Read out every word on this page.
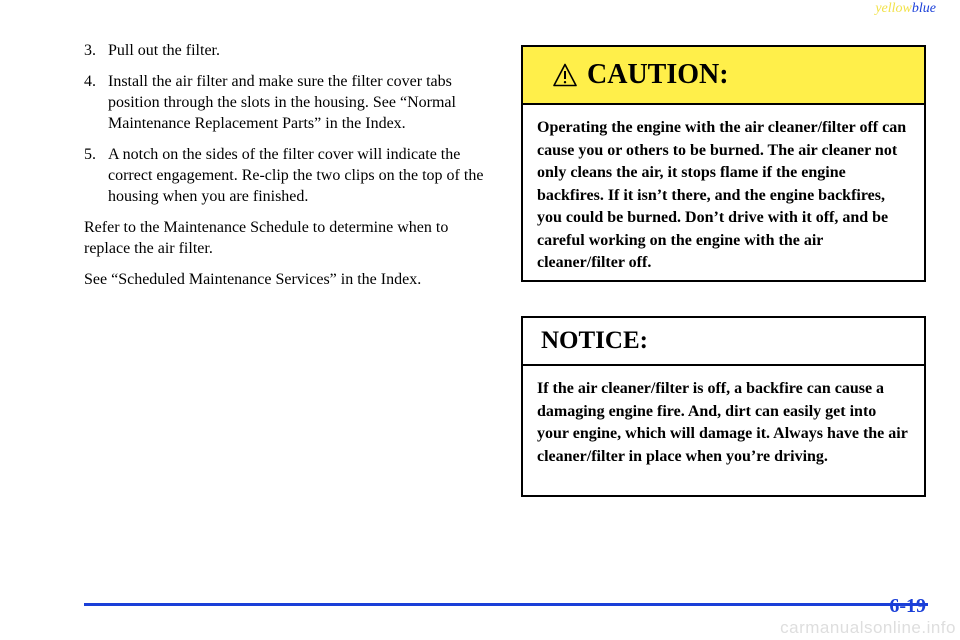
yellowblue
3. Pull out the filter.
4. Install the air filter and make sure the filter cover tabs position through the slots in the housing. See “Normal Maintenance Replacement Parts” in the Index.
5. A notch on the sides of the filter cover will indicate the correct engagement. Re-clip the two clips on the top of the housing when you are finished.

Refer to the Maintenance Schedule to determine when to replace the air filter.

See “Scheduled Maintenance Services” in the Index.

CAUTION:
Operating the engine with the air cleaner/filter off can cause you or others to be burned. The air cleaner not only cleans the air, it stops flame if the engine backfires. If it isn’t there, and the engine backfires, you could be burned. Don’t drive with it off, and be careful working on the engine with the air cleaner/filter off.
NOTICE:
If the air cleaner/filter is off, a backfire can cause a damaging engine fire. And, dirt can easily get into your engine, which will damage it. Always have the air cleaner/filter in place when you’re driving.
6-19
carmanualsonline.info
